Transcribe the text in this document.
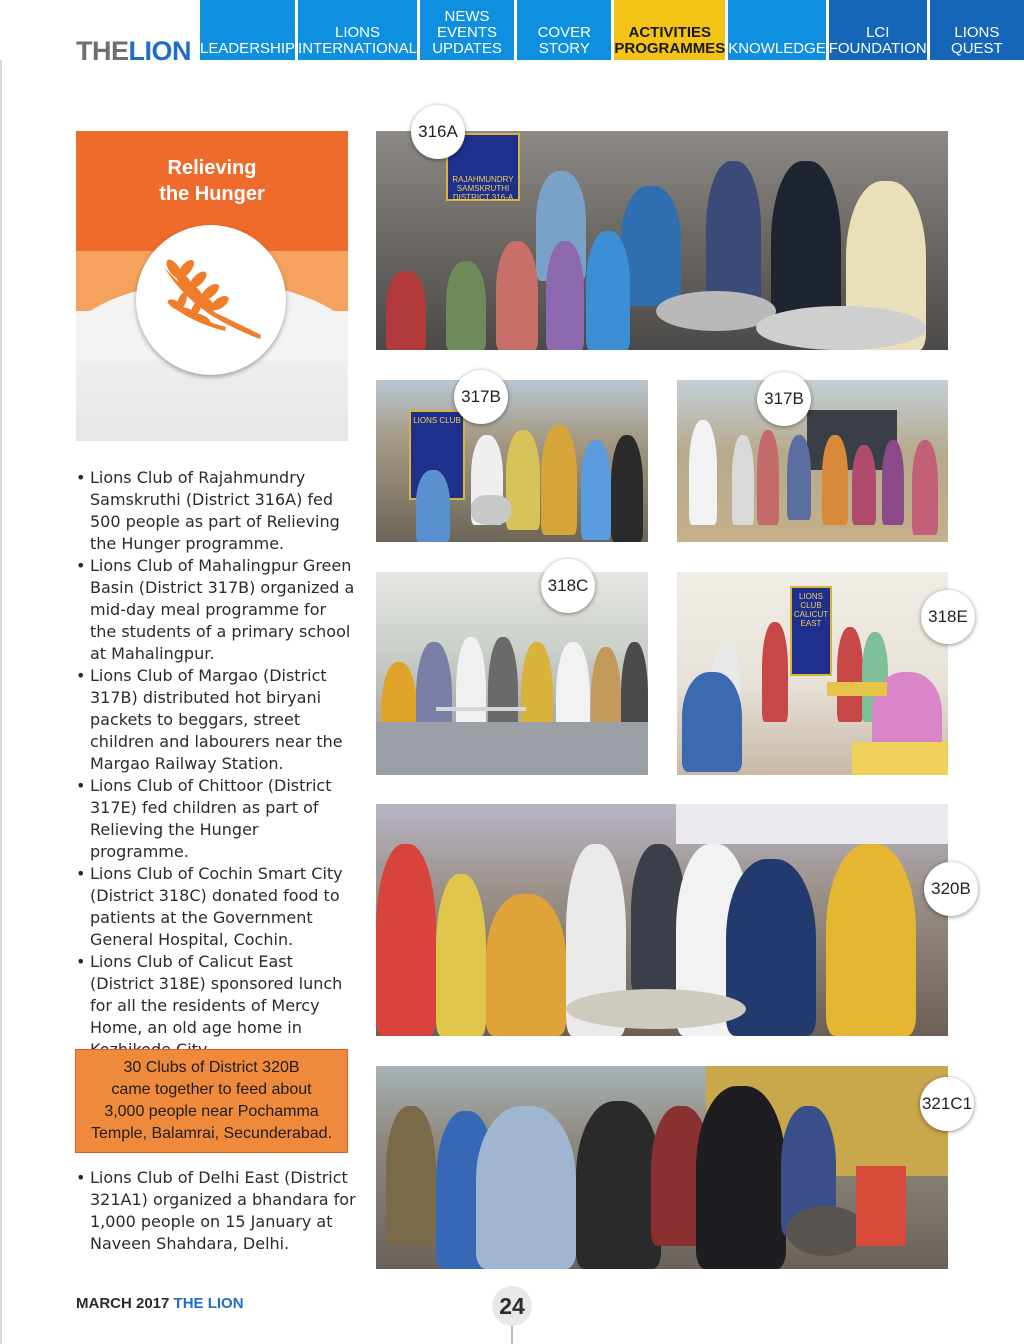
THELION LEADERSHIP
LIONS
INTERNATIONAL
NEWS
EVENTS
UPDATES
COVER STORY
ACTIVITIES
PROGRAMMES KNOWLEDGE
LCI
FOUNDATION
LIONS
QUEST
Relieving
the Hunger
• Lions Club of Rajahmundry Samskruthi (District 316A) fed 500 people as part of Relieving the Hunger programme.
• Lions Club of Mahalingpur Green Basin (District 317B) organized a mid-day meal programme for the students of a primary school at Mahalingpur.
• Lions Club of Margao (District 317B) distributed hot biryani packets to beggars, street children and labourers near the Margao Railway Station.
• Lions Club of Chittoor (District 317E) fed children as part of Relieving the Hunger programme.
• Lions Club of Cochin Smart City (District 318C) donated food to patients at the Government General Hospital, Cochin.
• Lions Club of Calicut East (District 318E) sponsored lunch for all the residents of Mercy Home, an old age home in
30 Clubs of District 320B
came together to feed about
3,000 people near Pochamma
Temple, Balamrai, Secunderabad.
• Lions Club of Delhi East (District 321A1) organized a bhandara for 1,000 people on 15 January at Naveen Shahdara, Delhi.
RAJAHMUNDRY SAMSKRUTHI DISTRICT 316-A
316A
LIONS CLUB
317B	317B
318C
LIONS CLUB CALICUT EAST	318E
320B
321C1
MARCH 2017 THE LION	24
